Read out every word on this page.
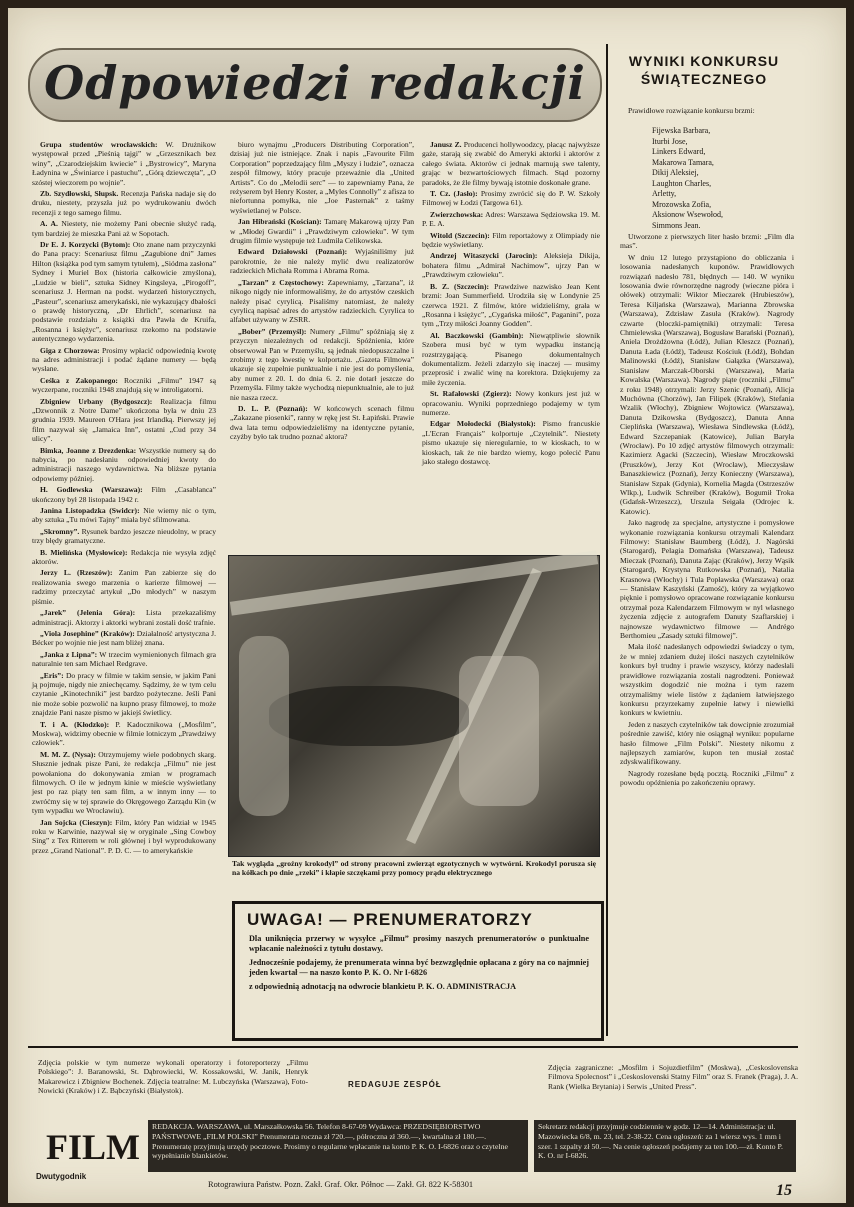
Odpowiedzi redakcji

Grupa studentów wrocławskich: W. Drużnikow występował przed „Pieśnią tajgi” w „Grzesznikach bez winy”, „Czarodziejskim kwiecie” i „Bystrowicy”, Maryna Ładynina w „Świniarce i pastuchu”, „Górą dziewczęta”, „O szóstej wieczorem po wojnie”.

Zb. Szydłowski, Słupsk. Recenzja Pańska nadaje się do druku, niestety, przyszła już po wydrukowaniu dwóch recenzji z tego samego filmu.

A. A. Niestety, nie możemy Pani obecnie służyć radą, tym bardziej że mieszka Pani aż w Sopotach.

Dr E. J. Korzycki (Bytom): Oto znane nam przyczynki do Pana pracy: Scenariusz filmu „Zagubione dni” James Hilton (książka pod tym samym tytułem), „Siódma zasłona” Sydney i Muriel Box (historia całkowicie zmyślona), „Ludzie w bieli”, sztuka Sidney Kingsleya, „Pirogoff”, scenariusz J. Herman na podst. wydarzeń historycznych, „Pasteur”, scenariusz amerykański, nie wykazujący dbałości o prawdę historyczną, „Dr Ehrlich”, scenariusz na podstawie rozdziału z książki dra Pawła de Kruifa, „Rosanna i księżyc”, scenariusz rzekomo na podstawie autentycznego wydarzenia.

Giga z Chorzowa: Prosimy wpłacić odpowiednią kwotę na adres administracji i podać żądane numery — będą wysłane.

Ceśka z Zakopanego: Roczniki „Filmu” 1947 są wyczerpane, roczniki 1948 znajdują się w introligatorni.

Zbigniew Urbany (Bydgoszcz): Realizacja filmu „Dzwonnik z Notre Dame” ukończona była w dniu 23 grudnia 1939. Maureen O'Hara jest Irlandką. Pierwszy jej film nazywał się „Jamaica Inn”, ostatni „Cud przy 34 ulicy”.

Bimka, Joanne z Drezdenka: Wszystkie numery są do nabycia, po nadesłaniu odpowiedniej kwoty do administracji naszego wydawnictwa. Na bliższe pytania odpowiemy później.

H. Godlewska (Warszawa): Film „Casablanca” ukończony był 28 listopada 1942 r.

Janina Listopadzka (Swidcr): Nie wiemy nic o tym, aby sztuka „Tu mówi Tajny” miała być sfilmowana.

„Skromny”. Rysunek bardzo jeszcze nieudolny, w pracy trzy błędy gramatyczne.

B. Mielińska (Mysłowice): Redakcja nie wysyła zdjęć aktorów.

Jerzy L. (Rzeszów): Zanim Pan zabierze się do realizowania swego marzenia o karierze filmowej — radzimy przeczytać artykuł „Do młodych” w naszym piśmie.

„Jarek” (Jelenia Góra): Lista przekazaliśmy administracji. Aktorzy i aktorki wybrani zostali dość trafnie.

„Viola Josephine” (Kraków): Działalność artystyczna J. Bécker po wojnie nie jest nam bliżej znana.

„Janka z Lipna”: W trzecim wymienionych filmach gra naturalnie ten sam Michael Redgrave.

„Eris”: Do pracy w filmie w takim sensie, w jakim Pani ją pojmuje, nigdy nie zniechęcamy. Sądzimy, że w tym celu czytanie „Kinotechniki” jest bardzo pożyteczne. Jeśli Pani nie może sobie pozwolić na kupno prasy filmowej, to może znajdzie Pani nasze pismo w jakiejś świetlicy.

T. i A. (Kłodzko): P. Kadocznikowa („Mosfilm”, Moskwa), widzimy obecnie w filmie lotniczym „Prawdziwy człowiek”.

M. M. Z. (Nysa): Otrzymujemy wiele podobnych skarg. Słusznie jednak pisze Pani, że redakcja „Filmu” nie jest powołaniona do dokonywania zmian w programach filmowych. O ile w jednym kinie w mieście wyświetlany jest po raz piąty ten sam film, a w innym inny — to zwróćmy się w tej sprawie do Okręgowego Zarządu Kin (w tym wypadku we Wrocławiu).

Jan Sojcka (Cieszyn): Film, który Pan widział w 1945 roku w Karwinie, nazywał się w oryginale „Sing Cowboy Sing” z Tex Ritterem w roli głównej i był wyprodukowany przez „Grand National”. P. D. C. — to amerykańskie

biuro wynajmu „Producers Distributing Corporation”, dzisiaj już nie istniejące. Znak i napis „Favourite Film Corporation” poprzedzający film „Myszy i ludzie”, oznacza zespół filmowy, który pracuje przeważnie dla „United Artists”. Co do „Melodii serc” — to zapewniamy Pana, że reżyserem był Henry Koster, a „Myles Connolly” z afisza to niefortunna pomyłka, nie „Joe Pasternak” z taśmy wyświetlanej w Polsce.

Jan Hibrański (Kościan): Tamarę Makarową ujrzy Pan w „Młodej Gwardii” i „Prawdziwym człowieku”. W tym drugim filmie występuje też Ludmiła Celikowska.

Edward Działowski (Poznań): Wyjaśniliśmy już parokrotnie, że nie należy mylić dwu realizatorów radzieckich Michała Romma i Abrama Roma.

„Tarzan” z Częstochowy: Zapewniamy, „Tarzana”, iż nikogo nigdy nie informowaliśmy, że do artystów czeskich należy pisać cyrylicą. Pisaliśmy natomiast, że należy cyrylicą napisać adres do artystów radzieckich. Cyrylica to alfabet używany w ZSRR.

„Bober” (Przemyśl): Numery „Filmu” spóźniają się z przyczyn niezależnych od redakcji. Spóźnienia, które obserwował Pan w Przemyślu, są jednak niedopuszczalne i zrobimy z tego kwestię w kolportażu. „Gazeta Filmowa” ukazuje się zupełnie punktualnie i nie jest do pomyślenia, aby numer z 20. I. do dnia 6. 2. nie dotarł jeszcze do Przemyśla. Filmy także wychodzą niepunktualnie, ale to już nie nasza rzecz.

D. L. P. (Poznań): W końcowych scenach filmu „Zakazane piosenki”, ranny w rękę jest St. Łapiński. Prawie dwa lata temu odpowiedzieliśmy na identyczne pytanie, czyżby było tak trudno poznać aktora?

Janusz Z. Producenci hollywoodzcy, płacąc najwyższe gaże, starają się zwabić do Ameryki aktorki i aktorów z całego świata. Aktorów ci jednak marnują swe talenty, grając w bezwartościowych filmach. Stąd pozorny paradoks, że źle filmy bywają istotnie doskonałe grane.

T. Cz. (Jasło): Prosimy zwrócić się do P. W. Szkoły Filmowej w Łodzi (Targowa 61).

Zwierzchowska: Adres: Warszawa Sędziowska 19. M. P. E. A.

Witold (Szczecin): Film reportażowy z Olimpiady nie będzie wyświetlany.

Andrzej Witaszycki (Jarocin): Aleksieja Dikija, bohatera filmu „Admirał Nachimow”, ujrzy Pan w „Prawdziwym człowieku”.

B. Z. (Szczecin): Prawdziwe nazwisko Jean Kent brzmi: Joan Summerfield. Urodziła się w Londynie 25 czerwca 1921. Z filmów, które widzieliśmy, grała w „Rosanna i księżyc”, „Cygańska miłość”, Paganini”, poza tym „Trzy miłości Joanny Godden”.

Al. Baczkowski (Gambin): Niewątpliwie słownik Szobera musi być w tym wypadku instancją rozstrzygającą. Pisanego dokumentalnych dokumentalizm. Jeżeli zdarzyło się inaczej — musimy przeprosić i zwalić winę na korektora. Dziękujemy za miłe życzenia.

St. Rafałowski (Zgierz): Nowy konkurs jest już w opracowaniu. Wyniki poprzedniego podajemy w tym numerze.

Edgar Mołodecki (Białystok): Pismo francuskie „L'Ecran Français” kolportuje „Czytelnik”. Niestety pismo ukazuje się nieregularnie, to w kioskach, to w kioskach, tak że nie bardzo wiemy, kogo polecić Panu jako stałego dostawcę.

Tak wygląda „groźny krokodyl” od strony pracowni zwierząt egzotycznych w wytwórni. Krokodyl porusza się na kółkach po dnie „rzeki” i kłapie szczękami przy pomocy prądu elektrycznego
UWAGA! — PRENUMERATORZY
Dla uniknięcia przerwy w wysyłce „Filmu” prosimy naszych prenumeratorów o punktualne wpłacanie należności z tytułu dostawy.
Jednocześnie podajemy, że prenumerata winna być bezwzględnie opłacana z góry na co najmniej jeden kwartał — na naszo konto P. K. O. Nr I-6826
z odpowiednią adnotacją na odwrocie blankietu P. K. O. ADMINISTRACJA
WYNIKI KONKURSU
ŚWIĄTECZNEGO

Prawidłowe rozwiązanie konkursu brzmi:

Fijewska Barbara,
Iturbi Jose,
Linkers Edward,
Makarowa Tamara,
Dikij Aleksiej,
Laughton Charles,
Arletty,
Mrozowska Zofia,
Aksionow Wsewołod,
Simmons Jean.

Utworzone z pierwszych liter hasło brzmi: „Film dla mas”.

W dniu 12 lutego przystąpiono do obliczania i losowania nadesłanych kuponów. Prawidłowych rozwiązań nadesło 781, błędnych — 140. W wyniku losowania dwie równorzędne nagrody (wieczne pióra i ołówek) otrzymali: Wiktor Mieczarek (Hrubieszów), Teresa Kiljańska (Warszawa), Marianna Zbrowska (Warszawa), Zdzisław Zasuła (Kraków). Nagrody czwarte (bloczki-pamiętniki) otrzymali: Teresa Chmielewska (Warszawa), Bogusław Barański (Poznań), Aniela Drożdżowna (Łódź), Julian Kleszcz (Poznań), Danuta Łada (Łódź), Tadeusz Kościuk (Łódź), Bohdan Malinowski (Łódź), Stanisław Gałązka (Warszawa), Stanisław Marczak-Oborski (Warszawa), Maria Kowalska (Warszawa). Nagrody piąte (roczniki „Filmu” z roku 1948) otrzymali: Jerzy Szenic (Poznań), Alicja Muchówna (Chorzów), Jan Filipek (Kraków), Stefania Wzalik (Włochy), Zbigniew Wojtowicz (Warszawa), Danuta Dzikowska (Bydgoszcz), Danuta Anna Cieplińska (Warszawa), Wiesława Sindlewska (Łódź), Edward Szczepaniak (Katowice), Julian Baryła (Wrocław). Po 10 zdjęć artystów filmowych otrzymali: Kazimierz Agacki (Szczecin), Wiesław Mroczkowski (Pruszków), Jerzy Kot (Wrocław), Mieczysław Banaszkiewicz (Poznań), Jerzy Konieczny (Warszawa), Stanisław Szpak (Gdynia), Kornelia Magda (Ostrzeszów Wlkp.), Ludwik Schreiber (Kraków), Bogumił Troka (Gdańsk-Wrzeszcz), Urszula Seigała (Odrojec k. Katowic).

Jako nagrodę za specjalne, artystyczne i pomysłowe wykonanie rozwiązania konkursu otrzymali Kalendarz Filmowy: Stanisław Baumberg (Łódź), J. Nagórski (Starogard), Pelagia Domańska (Warszawa), Tadeusz Mieczak (Poznań), Danuta Zając (Kraków), Jerzy Wąsik (Starogard), Krystyna Rutkowska (Poznań), Natalia Krasnowa (Włochy) i Tula Popławska (Warszawa) oraz — Stanisław Kaszyński (Zamość), który za wyjątkowo pięknie i pomysłowo opracowane rozwiązanie konkursu otrzymał poza Kalendarzem Filmowym w nyl własnego życzenia zdjęcie z autografem Danuty Szaflarskiej i najnowsze wydawnictwo filmowe — Andrégo Berthomieu „Zasady sztuki filmowej”.

Mała ilość nadesłanych odpowiedzi świadczy o tym, że w mniej zdaniem dużej ilości naszych czytelników konkurs był trudny i prawie wszyscy, którzy nadesłali prawidłowe rozwiązania zostali nagrodzeni. Ponieważ wszystkim dogodzić nie można i tym razem otrzymaliśmy wiele listów z żądaniem łatwiejszego konkursu przyrzekamy zupełnie łatwy i niewielki konkurs w kwietniu.

Jeden z naszych czytelników tak dowcipnie zrozumiał pośrednie zawiść, który nie osiągnął wyniku: popularne hasło filmowe „Film Polski”. Niestety nikomu z najlepszych zamiarów, kupon ten musiał zostać zdyskwalifikowany.

Nagrody rozesłane będą pocztą. Roczniki „Filmu” z powodu opóźnienia po zakończeniu oprawy.

Zdjęcia polskie w tym numerze wykonali operatorzy i fotoreporterzy „Filmu Polskiego”: J. Baranowski, St. Dąbrowiecki, W. Kossakowski, W. Janik, Henryk Makarewicz i Zbigniew Bochenek. Zdjęcia teatralne: M. Lubczyńska (Warszawa), Foto-Nowicki (Kraków) i Z. Bąbczyński (Białystok).
REDAGUJE ZESPÓŁ
Zdjęcia zagraniczne: „Mosfilm i Sojuzdietfilm” (Moskwa), „Ceskoslovenska Filmova Spolecnost” i „Ceskoslovenski Statny Film” oraz S. Franek (Praga), J. A. Rank (Wielka Brytania) i Serwis „United Press”.
FILM
Dwutygodnik
REDAKCJA. WARSZAWA, ul. Marszałkowska 56. Telefon 8-67-09 Wydawca: PRZEDSIĘBIORSTWO PAŃSTWOWE „FILM POLSKI” Prenumerata roczna zł 720.—, półroczna zł 360.—, kwartalna zł 180.—. Prenumeratę przyjmują urzędy pocztowe. Prosimy o regularne wpłacanie na konto P. K. O. I-6826 oraz o czytelne wypełnianie blankietów.
Sekretarz redakcji przyjmuje codziennie w godz. 12—14. Administracja: ul. Mazowiecka 6/8, m. 23, tel. 2-38-22. Cena ogłoszeń: za 1 wiersz wys. 1 mm i szer. 1 szpalty zł 50.—. Na cenie ogłoszeń podajemy za ten 100.—zł. Konto P. K. O. nr I-6826.
Rotograwiura Państw. Pozn. Zakł. Graf. Okr. Północ — Zakł. Gł. 822 K-58301	15
